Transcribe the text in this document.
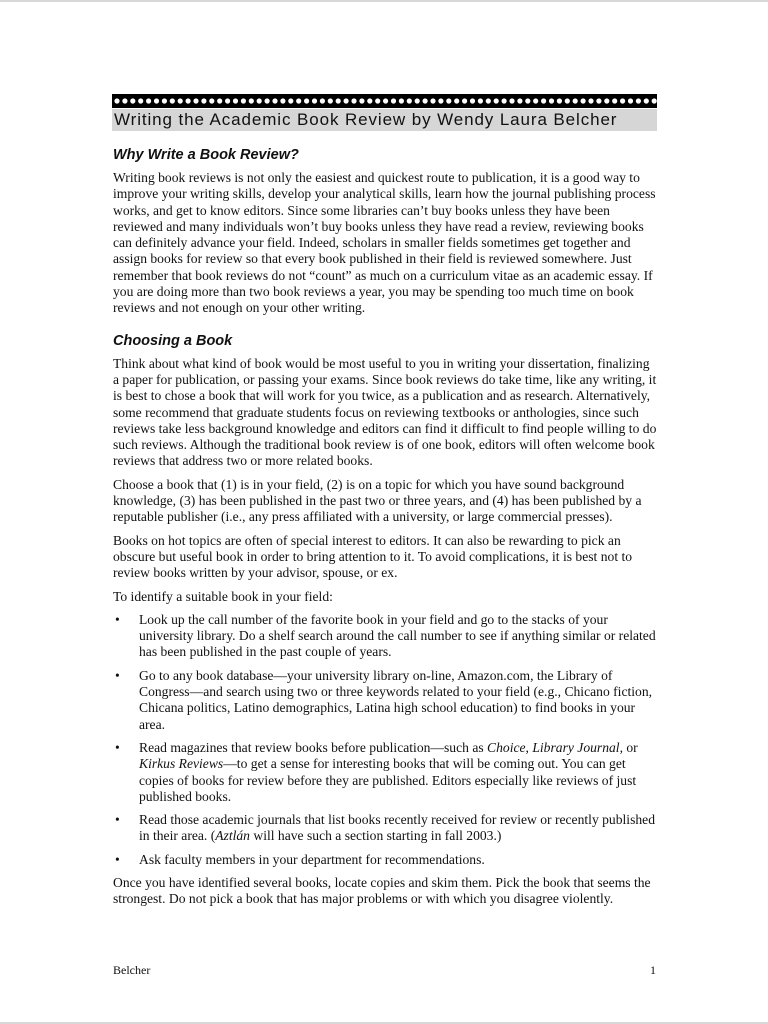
Writing the Academic Book Review by Wendy Laura Belcher
Why Write a Book Review?

Writing book reviews is not only the easiest and quickest route to publication, it is a good way to improve your writing skills, develop your analytical skills, learn how the journal publishing process works, and get to know editors. Since some libraries can’t buy books unless they have been reviewed and many individuals won’t buy books unless they have read a review, reviewing books can definitely advance your field. Indeed, scholars in smaller fields sometimes get together and assign books for review so that every book published in their field is reviewed somewhere. Just remember that book reviews do not “count” as much on a curriculum vitae as an academic essay. If you are doing more than two book reviews a year, you may be spending too much time on book reviews and not enough on your other writing.

Choosing a Book

Think about what kind of book would be most useful to you in writing your dissertation, finalizing a paper for publication, or passing your exams. Since book reviews do take time, like any writing, it is best to chose a book that will work for you twice, as a publication and as research. Alternatively, some recommend that graduate students focus on reviewing textbooks or anthologies, since such reviews take less background knowledge and editors can find it difficult to find people willing to do such reviews. Although the traditional book review is of one book, editors will often welcome book reviews that address two or more related books.

Choose a book that (1) is in your field, (2) is on a topic for which you have sound background knowledge, (3) has been published in the past two or three years, and (4) has been published by a reputable publisher (i.e., any press affiliated with a university, or large commercial presses).

Books on hot topics are often of special interest to editors. It can also be rewarding to pick an obscure but useful book in order to bring attention to it. To avoid complications, it is best not to review books written by your advisor, spouse, or ex.

To identify a suitable book in your field:

• Look up the call number of the favorite book in your field and go to the stacks of your university library. Do a shelf search around the call number to see if anything similar or related has been published in the past couple of years.
• Go to any book database—your university library on-line, Amazon.com, the Library of Congress—and search using two or three keywords related to your field (e.g., Chicano fiction, Chicana politics, Latino demographics, Latina high school education) to find books in your area.
• Read magazines that review books before publication—such as Choice, Library Journal, or Kirkus Reviews—to get a sense for interesting books that will be coming out. You can get copies of books for review before they are published. Editors especially like reviews of just published books.
• Read those academic journals that list books recently received for review or recently published in their area. (Aztlán will have such a section starting in fall 2003.)
• Ask faculty members in your department for recommendations.

Once you have identified several books, locate copies and skim them. Pick the book that seems the strongest. Do not pick a book that has major problems or with which you disagree violently.

Belcher	1
